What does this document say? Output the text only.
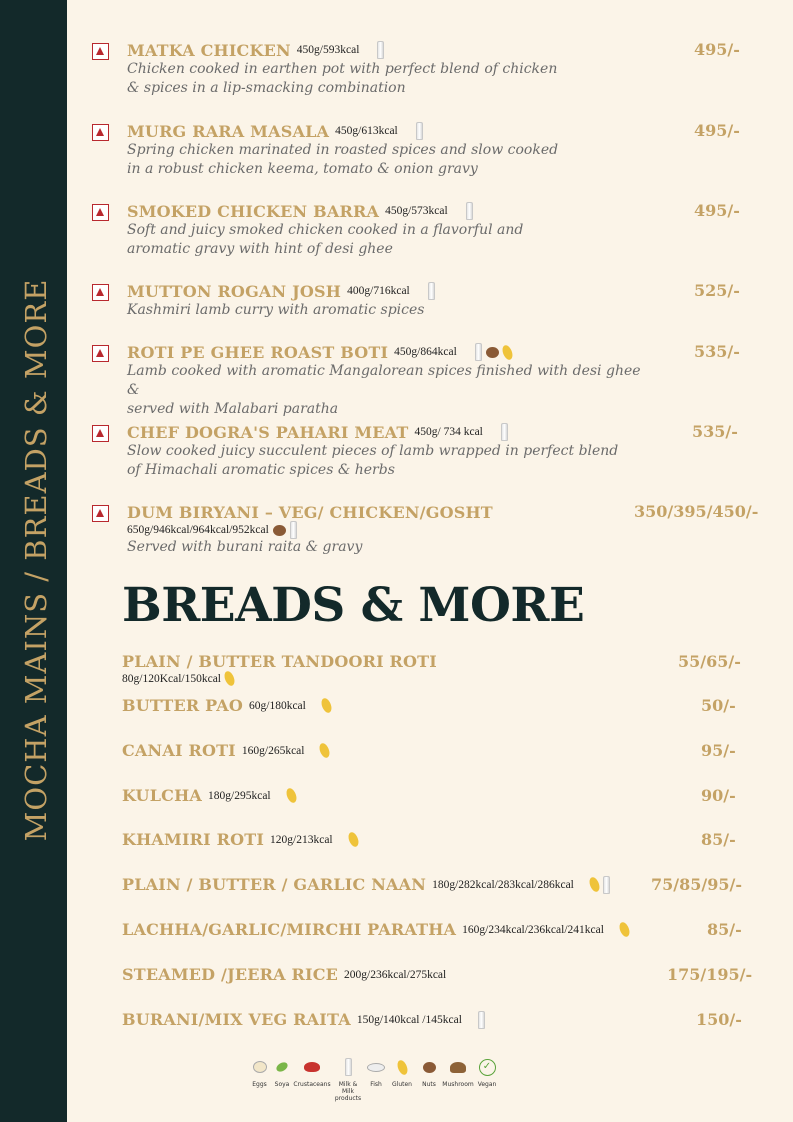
MOCHA MAINS / BREADS & MORE
MATKA CHICKEN 450g/593kcal
Chicken cooked in earthen pot with perfect blend of chicken
& spices in a lip-smacking combination
495/-
MURG RARA MASALA 450g/613kcal
Spring chicken marinated in roasted spices and slow cooked
in a robust chicken keema, tomato & onion gravy
495/-
SMOKED CHICKEN BARRA 450g/573kcal
Soft and juicy smoked chicken cooked in a flavorful and
aromatic gravy with hint of desi ghee
495/-
MUTTON ROGAN JOSH 400g/716kcal
Kashmiri lamb curry with aromatic spices
525/-
ROTI PE GHEE ROAST BOTI 450g/864kcal
Lamb cooked with aromatic Mangalorean spices finished with desi ghee &
served with Malabari paratha
535/-
CHEF DOGRA'S PAHARI MEAT 450g/ 734 kcal
Slow cooked juicy succulent pieces of lamb wrapped in perfect blend
of Himachali aromatic spices & herbs
535/-
DUM BIRYANI – VEG/ CHICKEN/GOSHT
650g/946kcal/964kcal/952kcal
Served with burani raita & gravy
350/395/450/-
BREADS & MORE
PLAIN / BUTTER TANDOORI ROTI
80g/120Kcal/150kcal
55/65/-
BUTTER PAO 60g/180kcal	50/-
CANAI ROTI 160g/265kcal	95/-
KULCHA 180g/295kcal	90/-
KHAMIRI ROTI 120g/213kcal	85/-
PLAIN / BUTTER / GARLIC NAAN 180g/282kcal/283kcal/286kcal	75/85/95/-
LACHHA/GARLIC/MIRCHI PARATHA 160g/234kcal/236kcal/241kcal	85/-
STEAMED /JEERA RICE 200g/236kcal/275kcal	175/195/-
BURANI/MIX VEG RAITA 150g/140kcal /145kcal	150/-
Eggs Soya Crustaceans	Milk &
Milk products
Fish Gluten Nuts Mushroom
✓
Vegan
